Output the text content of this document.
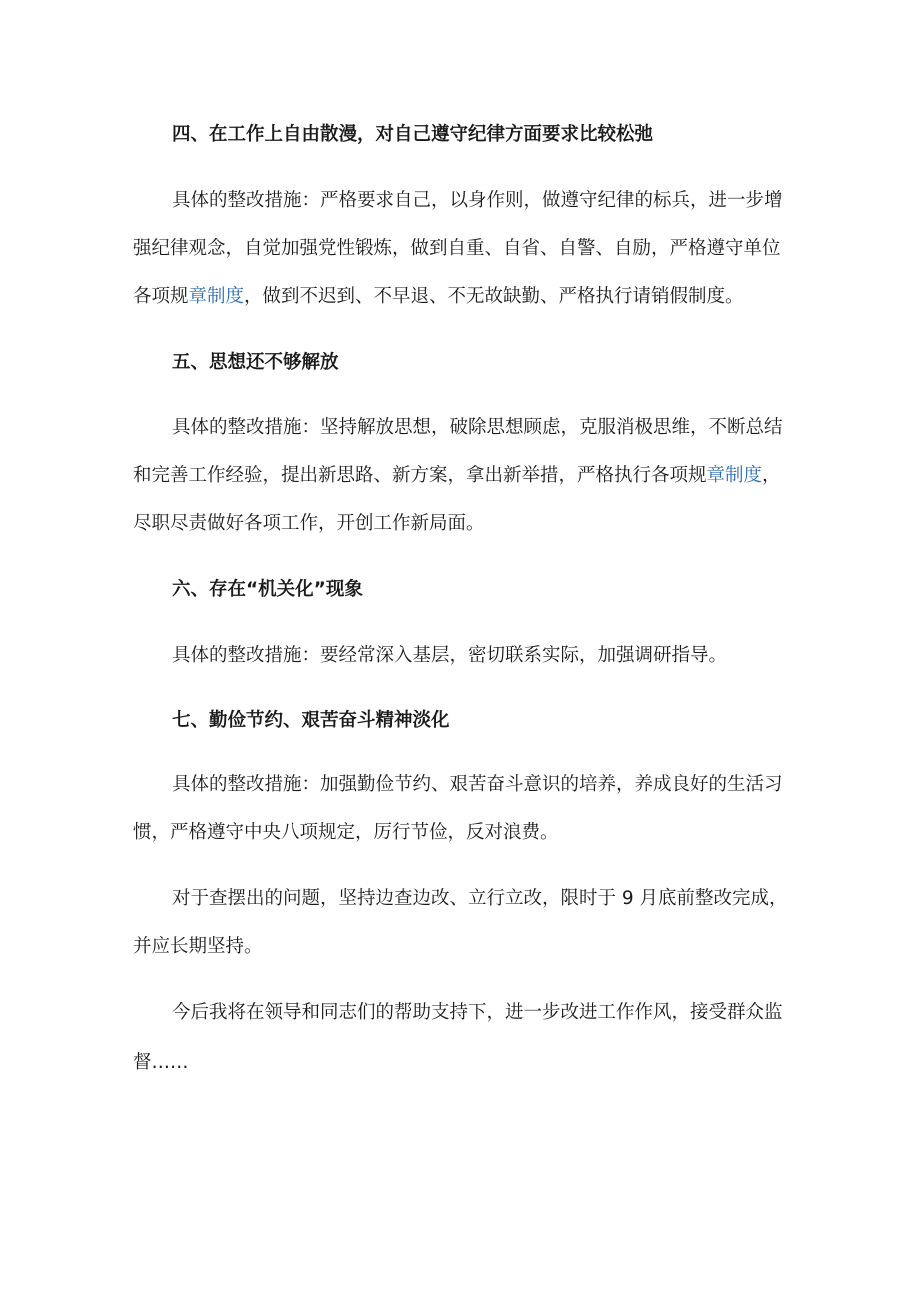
四、在工作上自由散漫，对自己遵守纪律方面要求比较松弛
具体的整改措施：严格要求自己，以身作则，做遵守纪律的标兵，进一步增
强纪律观念，自觉加强党性锻炼，做到自重、自省、自警、自励，严格遵守单位
各项规章制度，做到不迟到、不早退、不无故缺勤、严格执行请销假制度。
五、思想还不够解放
具体的整改措施：坚持解放思想，破除思想顾虑，克服消极思维，不断总结
和完善工作经验，提出新思路、新方案，拿出新举措，严格执行各项规章制度，
尽职尽责做好各项工作，开创工作新局面。
六、存在“机关化”现象
具体的整改措施：要经常深入基层，密切联系实际，加强调研指导。
七、勤俭节约、艰苦奋斗精神淡化
具体的整改措施：加强勤俭节约、艰苦奋斗意识的培养，养成良好的生活习
惯，严格遵守中央八项规定，厉行节俭，反对浪费。
对于查摆出的问题，坚持边查边改、立行立改，限时于 9 月底前整改完成，
并应长期坚持。
今后我将在领导和同志们的帮助支持下，进一步改进工作作风，接受群众监
督……
